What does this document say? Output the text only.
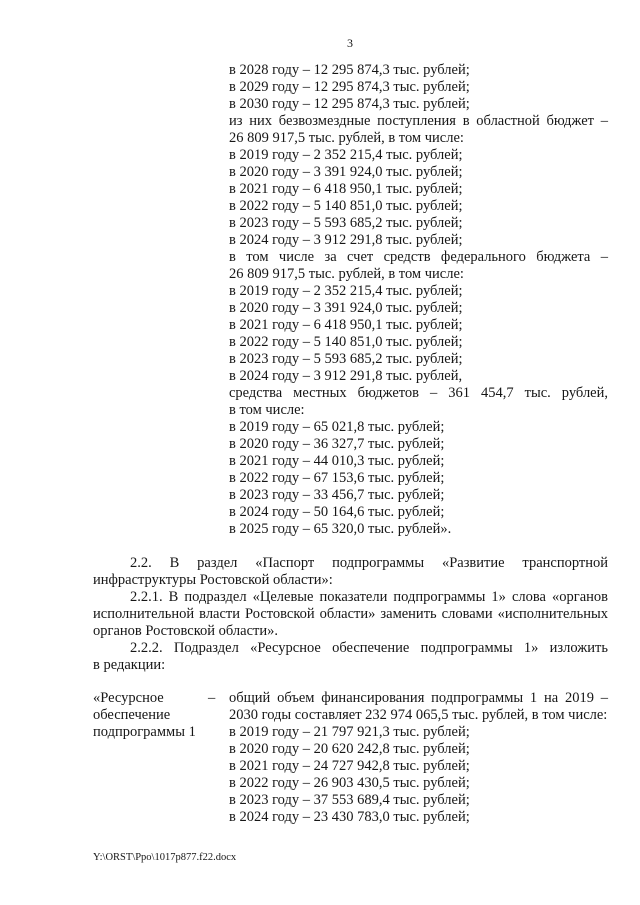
3
в 2028 году – 12 295 874,3 тыс. рублей;
в 2029 году – 12 295 874,3 тыс. рублей;
в 2030 году – 12 295 874,3 тыс. рублей;
из них безвозмездные поступления в областной бюджет –
26 809 917,5 тыс. рублей, в том числе:
в 2019 году – 2 352 215,4 тыс. рублей;
в 2020 году – 3 391 924,0 тыс. рублей;
в 2021 году – 6 418 950,1 тыс. рублей;
в 2022 году – 5 140 851,0 тыс. рублей;
в 2023 году – 5 593 685,2 тыс. рублей;
в 2024 году – 3 912 291,8 тыс. рублей;
в том числе за счет средств федерального бюджета –
26 809 917,5 тыс. рублей, в том числе:
в 2019 году – 2 352 215,4 тыс. рублей;
в 2020 году – 3 391 924,0 тыс. рублей;
в 2021 году – 6 418 950,1 тыс. рублей;
в 2022 году – 5 140 851,0 тыс. рублей;
в 2023 году – 5 593 685,2 тыс. рублей;
в 2024 году – 3 912 291,8 тыс. рублей,
средства местных бюджетов – 361 454,7 тыс. рублей,
в том числе:
в 2019 году – 65 021,8 тыс. рублей;
в 2020 году – 36 327,7 тыс. рублей;
в 2021 году – 44 010,3 тыс. рублей;
в 2022 году – 67 153,6 тыс. рублей;
в 2023 году – 33 456,7 тыс. рублей;
в 2024 году – 50 164,6 тыс. рублей;
в 2025 году – 65 320,0 тыс. рублей».
2.2. В раздел «Паспорт подпрограммы «Развитие транспортной
инфраструктуры Ростовской области»:
2.2.1. В подраздел «Целевые показатели подпрограммы 1» слова «органов
исполнительной власти Ростовской области» заменить словами «исполнительных
органов Ростовской области».
2.2.2. Подраздел «Ресурсное обеспечение подпрограммы 1» изложить
в редакции:
«Ресурсное
обеспечение
подпрограммы 1
– общий объем финансирования подпрограммы 1 на 2019 –
2030 годы составляет 232 974 065,5 тыс. рублей, в том числе:
в 2019 году – 21 797 921,3 тыс. рублей;
в 2020 году – 20 620 242,8 тыс. рублей;
в 2021 году – 24 727 942,8 тыс. рублей;
в 2022 году – 26 903 430,5 тыс. рублей;
в 2023 году – 37 553 689,4 тыс. рублей;
в 2024 году – 23 430 783,0 тыс. рублей;
Y:\ORST\Ppo\1017p877.f22.docx
